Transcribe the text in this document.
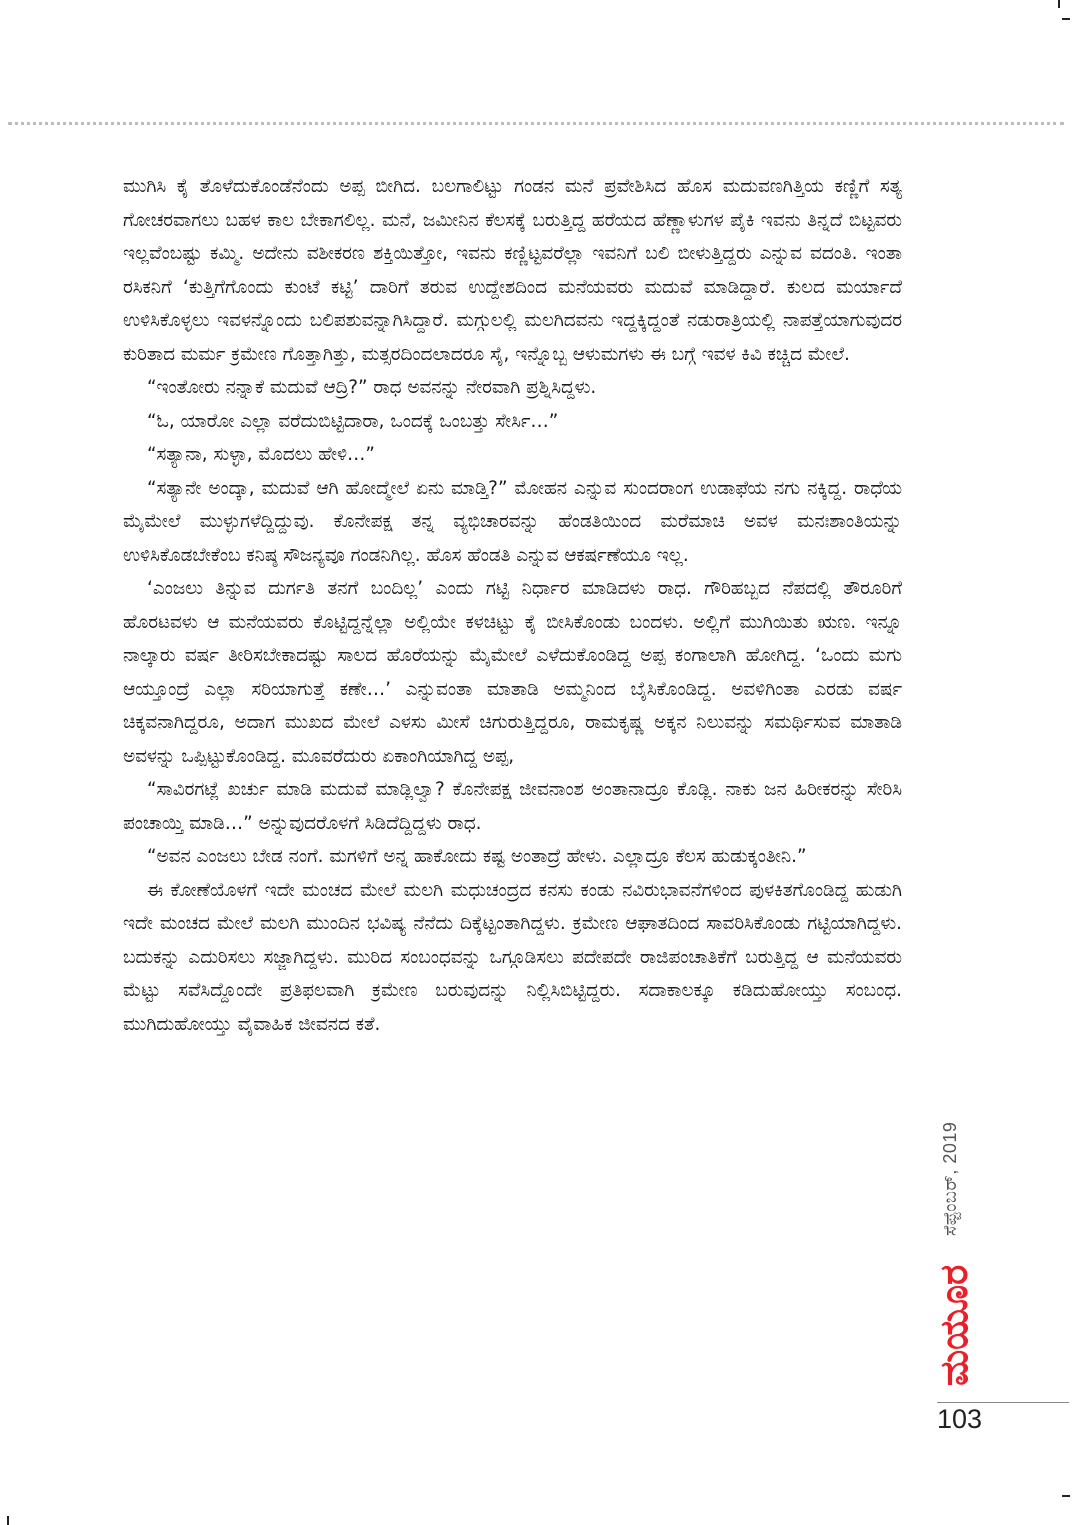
ಮುಗಿಸಿ ಕೈ ತೊಳೆದುಕೊಂಡೆನೆಂದು ಅಪ್ಪ ಬೀಗಿದ. ಬಲಗಾಲಿಟ್ಟು ಗಂಡನ ಮನೆ ಪ್ರವೇಶಿಸಿದ ಹೊಸ ಮದುವಣಗಿತ್ತಿಯ ಕಣ್ಣಿಗೆ ಸತ್ಯ ಗೋಚರವಾಗಲು ಬಹಳ ಕಾಲ ಬೇಕಾಗಲಿಲ್ಲ. ಮನೆ, ಜಮೀನಿನ ಕೆಲಸಕ್ಕೆ ಬರುತ್ತಿದ್ದ ಹರೆಯದ ಹೆಣ್ಣಾಳುಗಳ ಪೈಕಿ ಇವನು ತಿನ್ನದೆ ಬಿಟ್ಟವರು ಇಲ್ಲವೆಂಬಷ್ಟು ಕಮ್ಮಿ. ಅದೇನು ವಶೀಕರಣ ಶಕ್ತಿಯಿತ್ತೋ, ಇವನು ಕಣ್ಣಿಟ್ಟವರೆಲ್ಲಾ ಇವನಿಗೆ ಬಲಿ ಬೀಳುತ್ತಿದ್ದರು ಎನ್ನುವ ವದಂತಿ. ಇಂತಾ ರಸಿಕನಿಗೆ ‘ಕುತ್ತಿಗೆಗೊಂದು ಕುಂಟೆ ಕಟ್ಟಿ’ ದಾರಿಗೆ ತರುವ ಉದ್ದೇಶದಿಂದ ಮನೆಯವರು ಮದುವೆ ಮಾಡಿದ್ದಾರೆ. ಕುಲದ ಮರ್ಯಾದೆ ಉಳಿಸಿಕೊಳ್ಳಲು ಇವಳನ್ನೊಂದು ಬಲಿಪಶುವನ್ನಾಗಿಸಿದ್ದಾರೆ. ಮಗ್ಗುಲಲ್ಲಿ ಮಲಗಿದವನು ಇದ್ದಕ್ಕಿದ್ದಂತೆ ನಡುರಾತ್ರಿಯಲ್ಲಿ ನಾಪತ್ತೆಯಾಗುವುದರ ಕುರಿತಾದ ಮರ್ಮ ಕ್ರಮೇಣ ಗೊತ್ತಾಗಿತ್ತು, ಮತ್ಸರದಿಂದಲಾದರೂ ಸೈ, ಇನ್ನೊಬ್ಬ ಆಳುಮಗಳು ಈ ಬಗ್ಗೆ ಇವಳ ಕಿವಿ ಕಚ್ಚಿದ ಮೇಲೆ.

“ಇಂತೋರು ನನ್ನಾಕೆ ಮದುವೆ ಆದ್ರಿ?” ರಾಧ ಅವನನ್ನು ನೇರವಾಗಿ ಪ್ರಶ್ನಿಸಿದ್ದಳು.

“ಓ, ಯಾರೋ ಎಲ್ಲಾ ವರೆದುಬಿಟ್ಟಿದಾರಾ, ಒಂದಕ್ಕೆ ಒಂಬತ್ತು ಸೇರ್ಸಿ…”

“ಸತ್ಯಾನಾ, ಸುಳ್ಳಾ, ಮೊದಲು ಹೇಳಿ…”

“ಸತ್ಯಾನೇ ಅಂದ್ಕಾ, ಮದುವೆ ಆಗಿ ಹೋದ್ಮೇಲೆ ಏನು ಮಾಡ್ತಿ?” ಮೋಹನ ಎನ್ನುವ ಸುಂದರಾಂಗ ಉಡಾಫೆಯ ನಗು ನಕ್ಕಿದ್ದ. ರಾಧೆಯ ಮೈಮೇಲೆ ಮುಳ್ಳುಗಳೆದ್ದಿದ್ದುವು. ಕೊನೇಪಕ್ಷ ತನ್ನ ವ್ಯಭಿಚಾರವನ್ನು ಹೆಂಡತಿಯಿಂದ ಮರೆಮಾಚಿ ಅವಳ ಮನಃಶಾಂತಿಯನ್ನು ಉಳಿಸಿಕೊಡಬೇಕೆಂಬ ಕನಿಷ್ಠ ಸೌಜನ್ಯವೂ ಗಂಡನಿಗಿಲ್ಲ. ಹೊಸ ಹೆಂಡತಿ ಎನ್ನುವ ಆಕರ್ಷಣೆಯೂ ಇಲ್ಲ.

‘ಎಂಜಲು ತಿನ್ನುವ ದುರ್ಗತಿ ತನಗೆ ಬಂದಿಲ್ಲ’ ಎಂದು ಗಟ್ಟಿ ನಿರ್ಧಾರ ಮಾಡಿದಳು ರಾಧ. ಗೌರಿಹಬ್ಬದ ನೆಪದಲ್ಲಿ ತೌರೂರಿಗೆ ಹೊರಟವಳು ಆ ಮನೆಯವರು ಕೊಟ್ಟಿದ್ದನ್ನೆಲ್ಲಾ ಅಲ್ಲಿಯೇ ಕಳಚಿಟ್ಟು ಕೈ ಬೀಸಿಕೊಂಡು ಬಂದಳು. ಅಲ್ಲಿಗೆ ಮುಗಿಯಿತು ಋಣ. ಇನ್ನೂ ನಾಲ್ಕಾರು ವರ್ಷ ತೀರಿಸಬೇಕಾದಷ್ಟು ಸಾಲದ ಹೊರೆಯನ್ನು ಮೈಮೇಲೆ ಎಳೆದುಕೊಂಡಿದ್ದ ಅಪ್ಪ ಕಂಗಾಲಾಗಿ ಹೋಗಿದ್ದ. ‘ಒಂದು ಮಗು ಆಯ್ತೂಂದ್ರೆ ಎಲ್ಲಾ ಸರಿಯಾಗುತ್ತೆ ಕಣೇ…’ ಎನ್ನುವಂತಾ ಮಾತಾಡಿ ಅಮ್ಮನಿಂದ ಬೈಸಿಕೊಂಡಿದ್ದ. ಅವಳಿಗಿಂತಾ ಎರಡು ವರ್ಷ ಚಿಕ್ಕವನಾಗಿದ್ದರೂ, ಅದಾಗ ಮುಖದ ಮೇಲೆ ಎಳಸು ಮೀಸೆ ಚಿಗುರುತ್ತಿದ್ದರೂ, ರಾಮಕೃಷ್ಣ ಅಕ್ಕನ ನಿಲುವನ್ನು ಸಮರ್ಥಿಸುವ ಮಾತಾಡಿ ಅವಳನ್ನು ಒಪ್ಪಿಟ್ಟುಕೊಂಡಿದ್ದ. ಮೂವರೆದುರು ಏಕಾಂಗಿಯಾಗಿದ್ದ ಅಪ್ಪ,

“ಸಾವಿರಗಟ್ಲೆ ಖರ್ಚು ಮಾಡಿ ಮದುವೆ ಮಾಡ್ಲಿಲ್ವಾ? ಕೊನೇಪಕ್ಷ ಜೀವನಾಂಶ ಅಂತಾನಾದ್ರೂ ಕೊಡ್ಲಿ. ನಾಕು ಜನ ಹಿರೀಕರನ್ನು ಸೇರಿಸಿ ಪಂಚಾಯ್ತಿ ಮಾಡಿ…” ಅನ್ನುವುದರೊಳಗೆ ಸಿಡಿದೆದ್ದಿದ್ದಳು ರಾಧ.

“ಅವನ ಎಂಜಲು ಬೇಡ ನಂಗೆ. ಮಗಳಿಗೆ ಅನ್ನ ಹಾಕೋದು ಕಷ್ಟ ಅಂತಾದ್ರೆ ಹೇಳು. ಎಲ್ಲಾದ್ರೂ ಕೆಲಸ ಹುಡುಕ್ಕಂತೀನಿ.”

ಈ ಕೋಣೆಯೊಳಗೆ ಇದೇ ಮಂಚದ ಮೇಲೆ ಮಲಗಿ ಮಧುಚಂದ್ರದ ಕನಸು ಕಂಡು ನವಿರುಭಾವನೆಗಳಿಂದ ಪುಳಕಿತಗೊಂಡಿದ್ದ ಹುಡುಗಿ ಇದೇ ಮಂಚದ ಮೇಲೆ ಮಲಗಿ ಮುಂದಿನ ಭವಿಷ್ಯ ನೆನೆದು ದಿಕ್ಕೆಟ್ಟಂತಾಗಿದ್ದಳು. ಕ್ರಮೇಣ ಆಘಾತದಿಂದ ಸಾವರಿಸಿಕೊಂಡು ಗಟ್ಟಿಯಾಗಿದ್ದಳು. ಬದುಕನ್ನು ಎದುರಿಸಲು ಸಜ್ಜಾಗಿದ್ದಳು. ಮುರಿದ ಸಂಬಂಧವನ್ನು ಒಗ್ಗೂಡಿಸಲು ಪದೇಪದೇ ರಾಜಿಪಂಚಾತಿಕೆಗೆ ಬರುತ್ತಿದ್ದ ಆ ಮನೆಯವರು ಮೆಟ್ಟು ಸವೆಸಿದ್ದೊಂದೇ ಪ್ರತಿಫಲವಾಗಿ ಕ್ರಮೇಣ ಬರುವುದನ್ನು ನಿಲ್ಲಿಸಿಬಿಟ್ಟಿದ್ದರು. ಸದಾಕಾಲಕ್ಕೂ ಕಡಿದುಹೋಯ್ತು ಸಂಬಂಧ. ಮುಗಿದುಹೋಯ್ತು ವೈವಾಹಿಕ ಜೀವನದ ಕತೆ.

ಸೆಪ್ಟೆಂಬರ್, 2019
ಮಯೂರ
103
